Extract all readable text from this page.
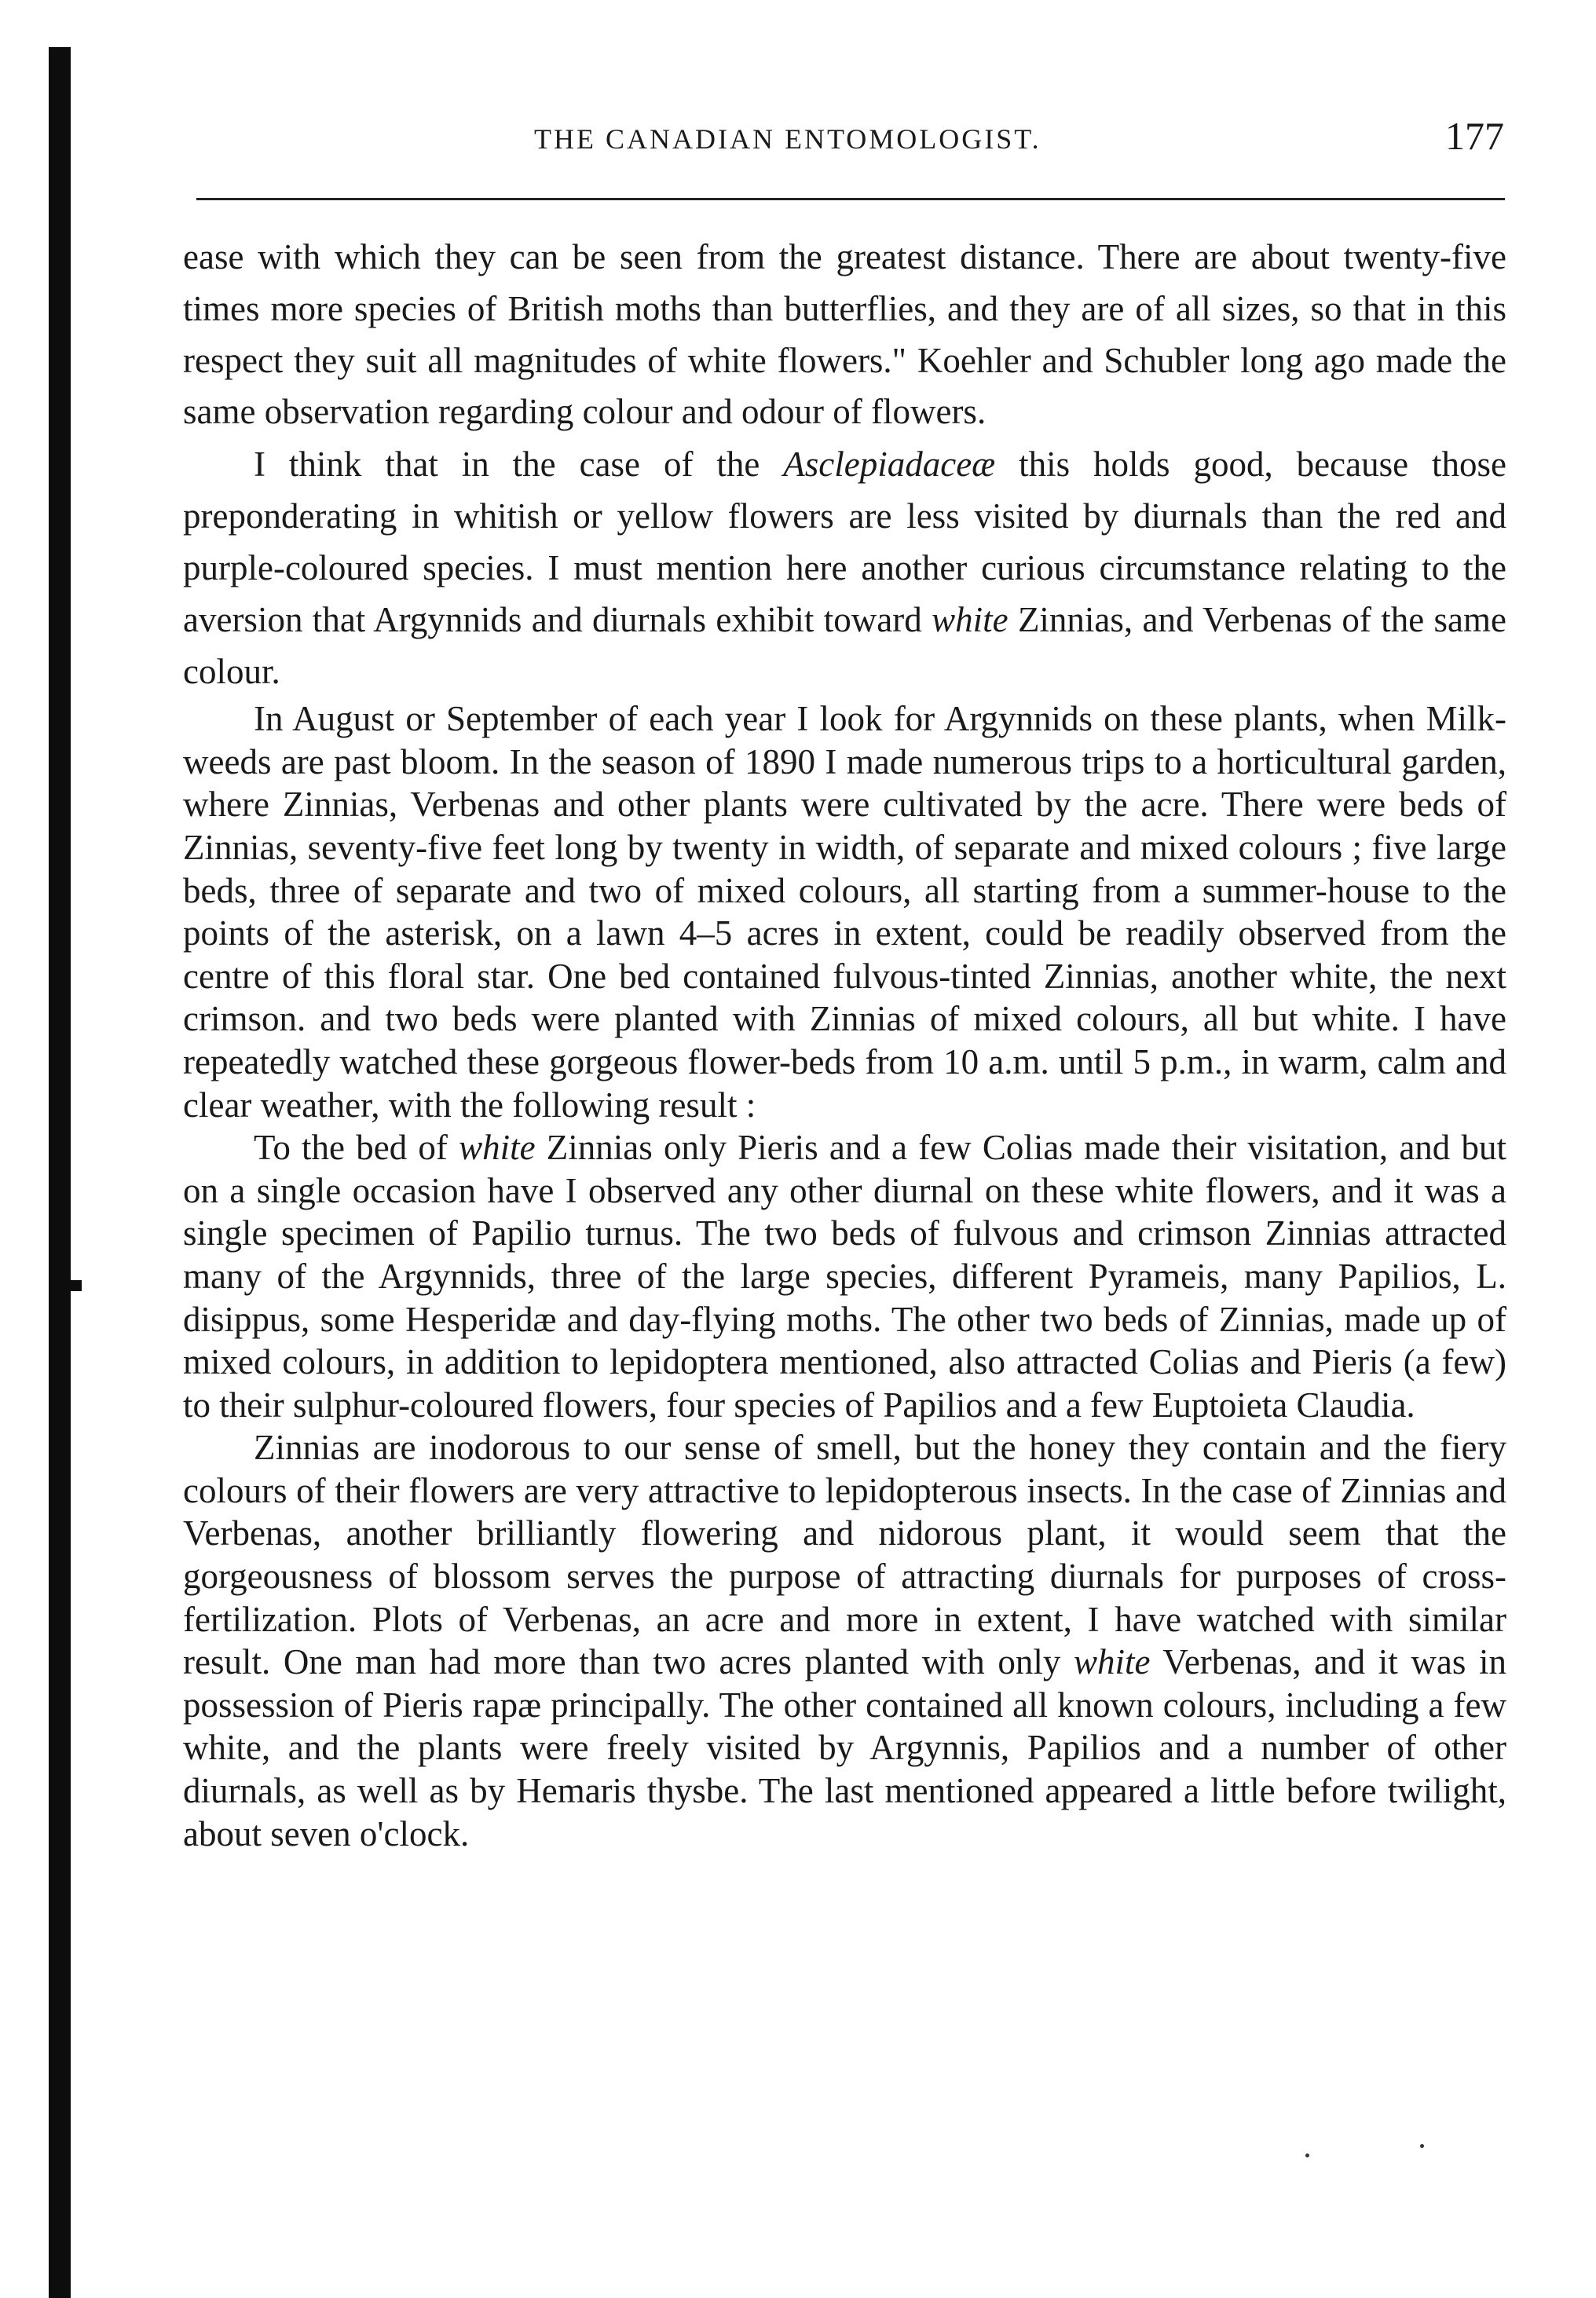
THE CANADIAN ENTOMOLOGIST.	177

ease with which they can be seen from the greatest distance. There are about twenty-five times more species of British moths than butterflies, and they are of all sizes, so that in this respect they suit all magnitudes of white flowers." Koehler and Schubler long ago made the same observation regarding colour and odour of flowers.

I think that in the case of the Asclepiadaceæ this holds good, because those preponderating in whitish or yellow flowers are less visited by diurnals than the red and purple-coloured species. I must mention here another curious circumstance relating to the aversion that Argynnids and diurnals exhibit toward white Zinnias, and Verbenas of the same colour.

In August or September of each year I look for Argynnids on these plants, when Milk-weeds are past bloom. In the season of 1890 I made numerous trips to a horticultural garden, where Zinnias, Verbenas and other plants were cultivated by the acre. There were beds of Zinnias, seventy-five feet long by twenty in width, of separate and mixed colours ; five large beds, three of separate and two of mixed colours, all starting from a summer-house to the points of the asterisk, on a lawn 4–5 acres in extent, could be readily observed from the centre of this floral star. One bed contained fulvous-tinted Zinnias, another white, the next crimson. and two beds were planted with Zinnias of mixed colours, all but white. I have repeatedly watched these gorgeous flower-beds from 10 a.m. until 5 p.m., in warm, calm and clear weather, with the following result :

To the bed of white Zinnias only Pieris and a few Colias made their visitation, and but on a single occasion have I observed any other diurnal on these white flowers, and it was a single specimen of Papilio turnus. The two beds of fulvous and crimson Zinnias attracted many of the Argynnids, three of the large species, different Pyrameis, many Papilios, L. disippus, some Hesperidæ and day-flying moths. The other two beds of Zinnias, made up of mixed colours, in addition to lepidoptera mentioned, also attracted Colias and Pieris (a few) to their sulphur-coloured flowers, four species of Papilios and a few Euptoieta Claudia.

Zinnias are inodorous to our sense of smell, but the honey they contain and the fiery colours of their flowers are very attractive to lepidopterous insects. In the case of Zinnias and Verbenas, another brilliantly flowering and nidorous plant, it would seem that the gorgeousness of blossom serves the purpose of attracting diurnals for purposes of cross-fertilization. Plots of Verbenas, an acre and more in extent, I have watched with similar result. One man had more than two acres planted with only white Verbenas, and it was in possession of Pieris rapæ principally. The other contained all known colours, including a few white, and the plants were freely visited by Argynnis, Papilios and a number of other diurnals, as well as by Hemaris thysbe. The last mentioned appeared a little before twilight, about seven o'clock.
